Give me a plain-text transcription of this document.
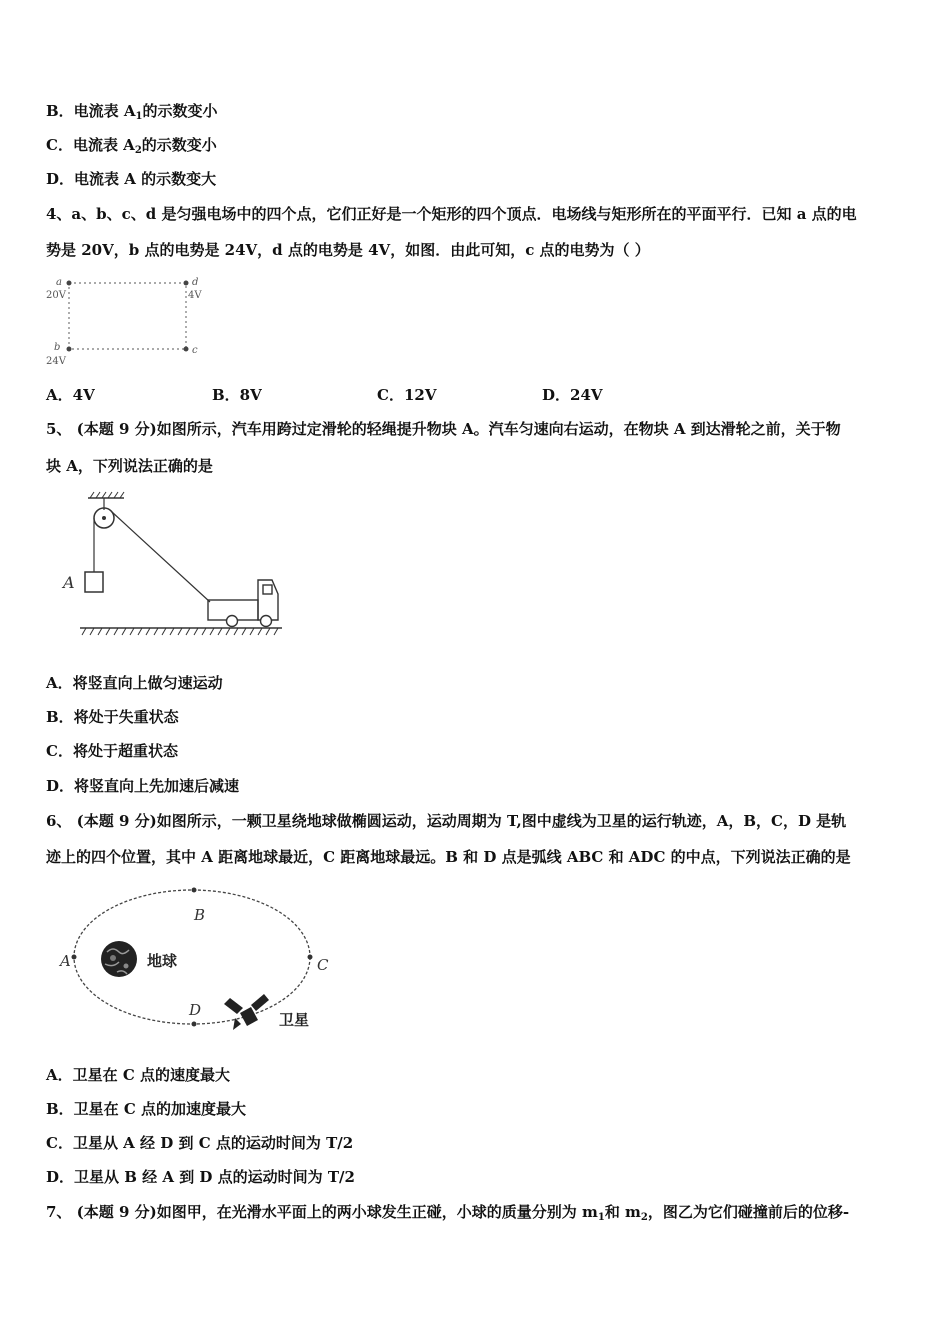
B．电流表 $A_1$的示数变小
C．电流表 $A_2$的示数变小
D．电流表 A 的示数变大
4、a、b、c、d 是匀强电场中的四个点，它们正好是一个矩形的四个顶点．电场线与矩形所在的平面平行．已知 a 点的电
势是 20V，b 点的电势是 24V，d 点的电势是 4V，如图．由此可知，c 点的电势为（ ）
a
20V
d
4V
b
24V
c
A．4V	B．8V	C．12V	D．24V
5、 (本题 9 分)如图所示，汽车用跨过定滑轮的轻绳提升物块 A。汽车匀速向右运动，在物块 A 到达滑轮之前，关于物
块 A，下列说法正确的是
A
A．将竖直向上做匀速运动
B．将处于失重状态
C．将处于超重状态
D．将竖直向上先加速后减速
6、 (本题 9 分)如图所示，一颗卫星绕地球做椭圆运动，运动周期为 T,图中虚线为卫星的运行轨迹，A，B，C，D 是轨
迹上的四个位置，其中 A 距离地球最近，C 距离地球最远。B 和 D 点是弧线 ABC 和 ADC 的中点，下列说法正确的是
A
B
C
D
地球
卫星
A．卫星在 C 点的速度最大
B．卫星在 C 点的加速度最大
C．卫星从 A 经 D 到 C 点的运动时间为 T/2
D．卫星从 B 经 A 到 D 点的运动时间为 T/2
7、 (本题 9 分)如图甲，在光滑水平面上的两小球发生正碰，小球的质量分别为 $m_1$和 $m_2$，图乙为它们碰撞前后的位移-
